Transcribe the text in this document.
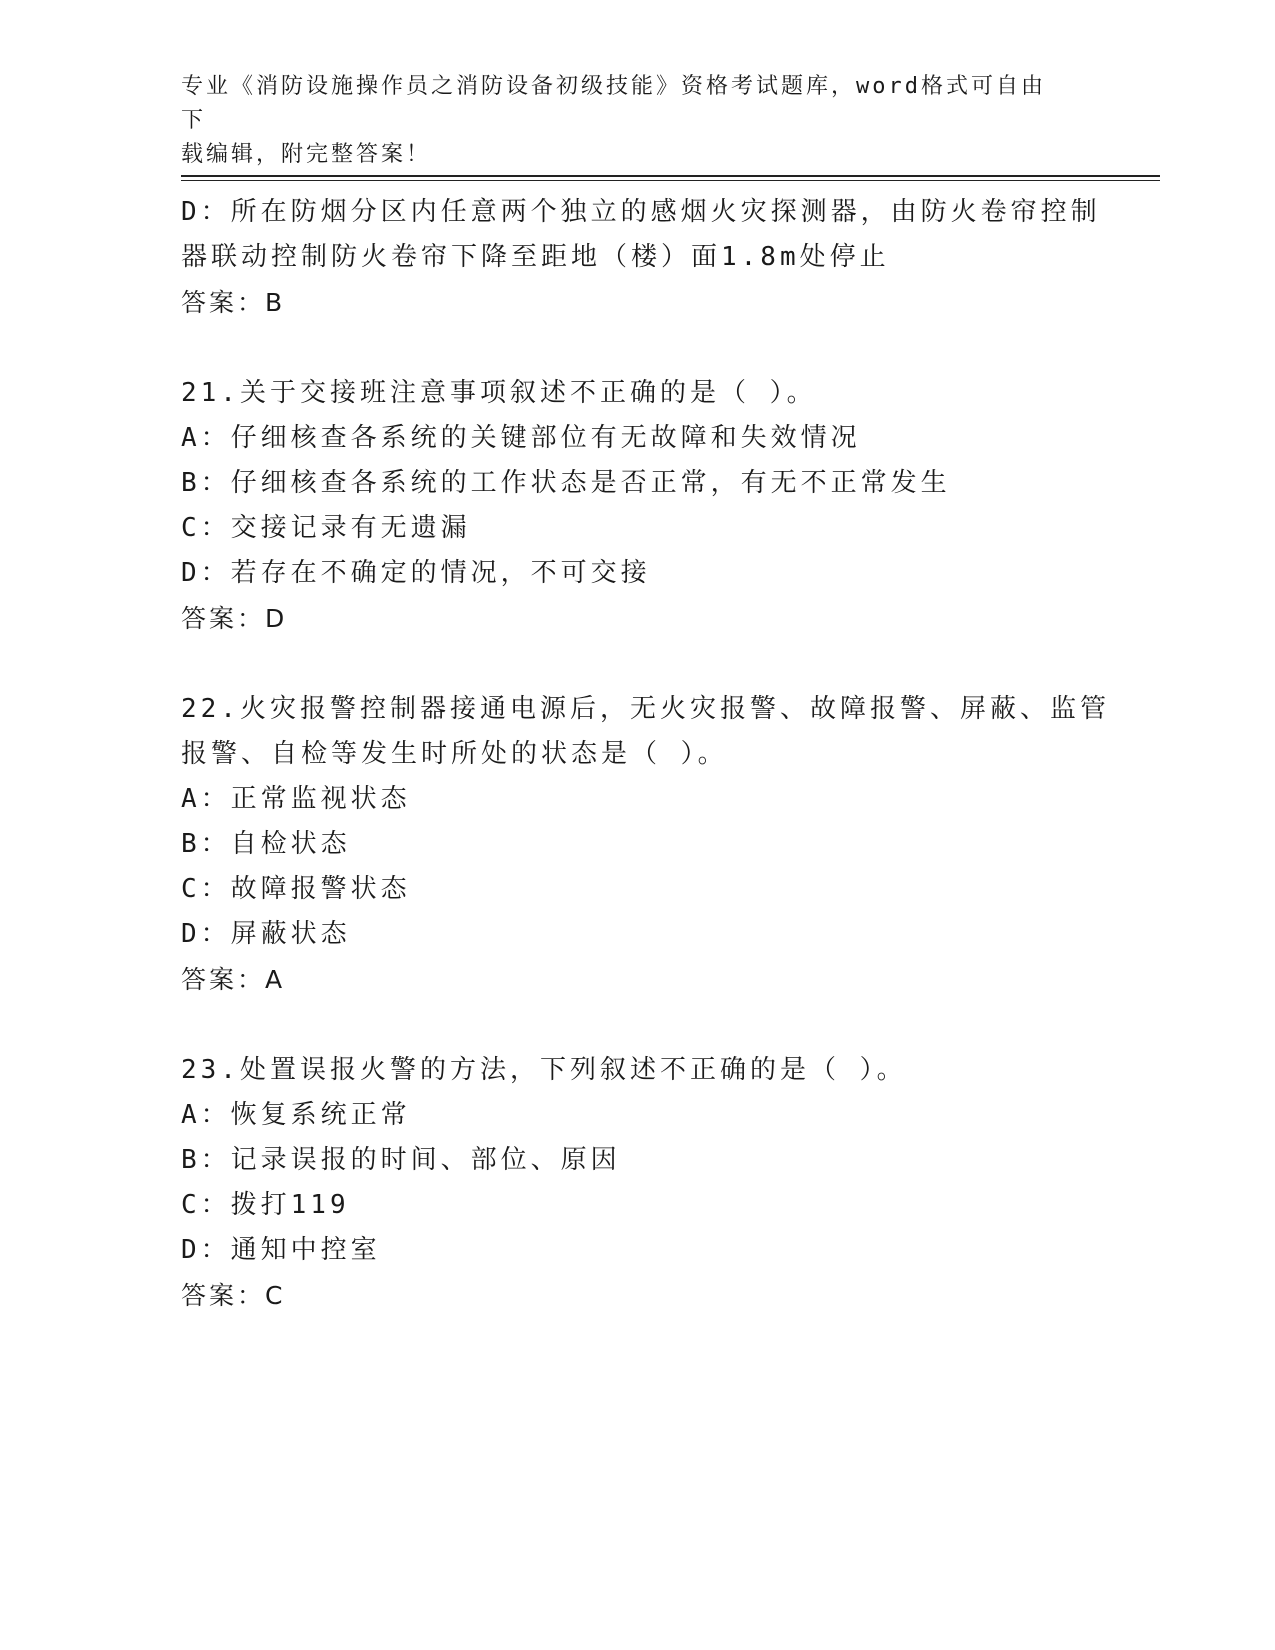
专业《消防设施操作员之消防设备初级技能》资格考试题库，word格式可自由下
载编辑，附完整答案！
D：所在防烟分区内任意两个独立的感烟火灾探测器，由防火卷帘控制
器联动控制防火卷帘下降至距地（楼）面1.8m处停止
答案：B
21.关于交接班注意事项叙述不正确的是（ ）。
A：仔细核查各系统的关键部位有无故障和失效情况
B：仔细核查各系统的工作状态是否正常，有无不正常发生
C：交接记录有无遗漏
D：若存在不确定的情况，不可交接
答案：D
22.火灾报警控制器接通电源后，无火灾报警、故障报警、屏蔽、监管
报警、自检等发生时所处的状态是（ ）。
A：正常监视状态
B：自检状态
C：故障报警状态
D：屏蔽状态
答案：A
23.处置误报火警的方法，下列叙述不正确的是（ ）。
A：恢复系统正常
B：记录误报的时间、部位、原因
C：拨打119
D：通知中控室
答案：C
